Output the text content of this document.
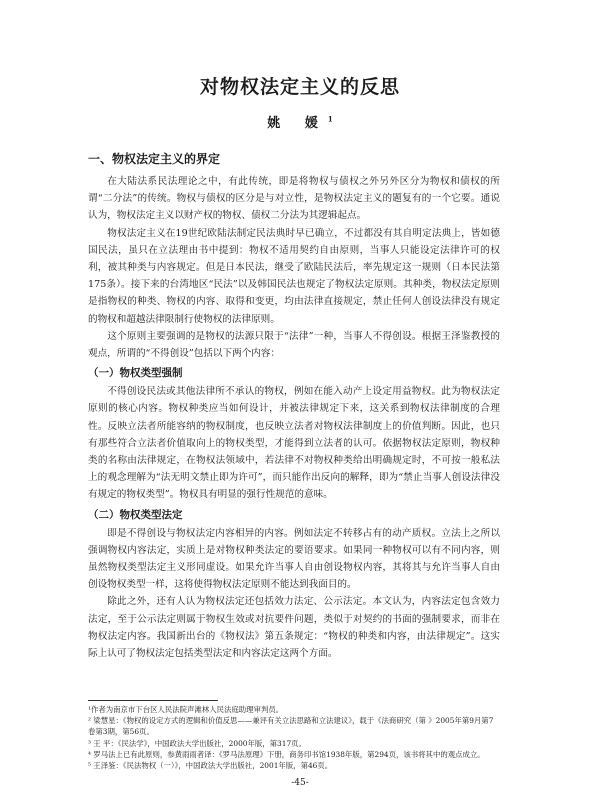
对物权法定主义的反思
姚 媛$^1$
一、物权法定主义的界定

在大陆法系民法理论之中，有此传统，即是将物权与债权之外另外区分为物权和债权的所谓“二分法”的传统。物权与债权的区分是与对立性，是物权法定主义的题复有的一个它要。通说认为，物权法定主义以财产权的物权、债权二分法为其逻辑起点。

物权法定主义在19世纪欧陆法制定民法典时早已确立，不过都没有其自明定法典上，皆如德国民法，虽只在立法理由书中提到：物权不适用契约自由原则，当事人只能设定法律许可的权利，被其种类与内容规定。但是日本民法，继受了欧陆民法后，率先规定这一规则（日本民法第175条）。接下来的台湾地区“民法”以及韩国民法也规定了物权法定原则。其种类，物权法定原则是指物权的种类、物权的内容、取得和变更，均由法律直接规定，禁止任何人创设法律没有规定的物权和超越法律限制行使物权的法律原则。

这个原则主要强调的是物权的法源只限于“法律”一种，当事人不得创设。根据王泽鉴教授的观点，所谓的“不得创设”包括以下两个内容：

（一）物权类型强制

不得创设民法或其他法律所不承认的物权，例如在能入动产上设定用益物权。此为物权法定原则的核心内容。物权种类应当如何设计，并被法律规定下来，这关系到物权法律制度的合理性。反映立法者所能容纳的物权制度，也反映立法者对物权法律制度上的价值判断。因此，也只有那些符合立法者价值取向上的物权类型，才能得到立法者的认可。依据物权法定原则，物权种类的名称由法律规定，在物权法领域中，若法律不对物权种类给出明确规定时，不可按一般私法上的观念理解为“法无明文禁止即为许可”，而只能作出反向的解释，即为“禁止当事人创设法律没有规定的物权类型”。物权具有明显的强行性规范的意味。

（二）物权类型法定

即是不得创设与物权法定内容相异的内容。例如法定不转移占有的动产质权。立法上之所以强调物权内容法定，实质上是对物权种类法定的要语要求。如果同一种物权可以有不同内容，则虽然物权类型法定主义形同虚设。如果允许当事人自由创设物权内容，其将其与允许当事人自由创设物权类型一样，这将使得物权法定原则不能达到我面目的。

除此之外，还有人认为物权法定还包括效力法定、公示法定。本文认为，内容法定包含效力法定，至于公示法定则属于物权生效或对抗要件问题，类似于对契约的书面的强制要求，而非在物权法定内容。我国新出台的《物权法》第五条规定：“物权的种类和内容，由法律规定”。这实际上认可了物权法定包括类型法定和内容法定这两个方面。

¹作者为南京市下台区人民法院声滩林人民法庭助理审判员。

² 梁慧星：《物权的设定方式的逻辑和价值反思——兼评有关立法思路和立法建议》，载于《法商研究（第 》2005年第9月第7卷第3期，第56页。

³ 王 平：《民法学》，中国政法大学出版社，2000年版，第317页。

⁴ 罗马法上已有此原则，参黄雨雨者译：《罗马法原理》下册，商务印书馆1938年版，第294页，该书将其中的观点成立。

⁵ 王泽鉴：《民法物权（一）》，中国政法大学出版社，2001年版，第46页。

-45-
